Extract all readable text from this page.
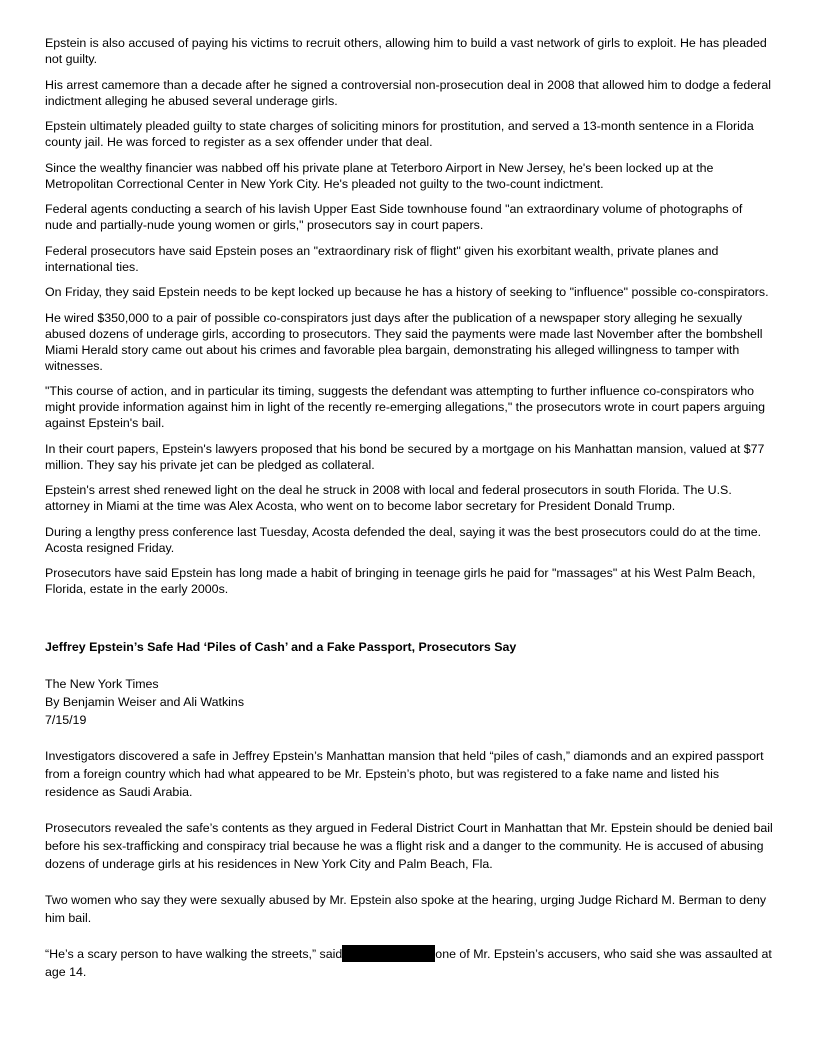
Epstein is also accused of paying his victims to recruit others, allowing him to build a vast network of girls to exploit. He has pleaded not guilty.

His arrest camemore than a decade after he signed a controversial non-prosecution deal in 2008 that allowed him to dodge a federal indictment alleging he abused several underage girls.

Epstein ultimately pleaded guilty to state charges of soliciting minors for prostitution, and served a 13-month sentence in a Florida county jail. He was forced to register as a sex offender under that deal.

Since the wealthy financier was nabbed off his private plane at Teterboro Airport in New Jersey, he's been locked up at the Metropolitan Correctional Center in New York City. He's pleaded not guilty to the two-count indictment.

Federal agents conducting a search of his lavish Upper East Side townhouse found "an extraordinary volume of photographs of nude and partially-nude young women or girls," prosecutors say in court papers.

Federal prosecutors have said Epstein poses an "extraordinary risk of flight" given his exorbitant wealth, private planes and international ties.

On Friday, they said Epstein needs to be kept locked up because he has a history of seeking to "influence" possible co-conspirators.

He wired $350,000 to a pair of possible co-conspirators just days after the publication of a newspaper story alleging he sexually abused dozens of underage girls, according to prosecutors. They said the payments were made last November after the bombshell Miami Herald story came out about his crimes and favorable plea bargain, demonstrating his alleged willingness to tamper with witnesses.

"This course of action, and in particular its timing, suggests the defendant was attempting to further influence co-conspirators who might provide information against him in light of the recently re-emerging allegations," the prosecutors wrote in court papers arguing against Epstein's bail.

In their court papers, Epstein's lawyers proposed that his bond be secured by a mortgage on his Manhattan mansion, valued at $77 million. They say his private jet can be pledged as collateral.

Epstein's arrest shed renewed light on the deal he struck in 2008 with local and federal prosecutors in south Florida. The U.S. attorney in Miami at the time was Alex Acosta, who went on to become labor secretary for President Donald Trump.

During a lengthy press conference last Tuesday, Acosta defended the deal, saying it was the best prosecutors could do at the time. Acosta resigned Friday.

Prosecutors have said Epstein has long made a habit of bringing in teenage girls he paid for "massages" at his West Palm Beach, Florida, estate in the early 2000s.

Jeffrey Epstein’s Safe Had ‘Piles of Cash’ and a Fake Passport, Prosecutors Say

The New York Times

By Benjamin Weiser and Ali Watkins

7/15/19

Investigators discovered a safe in Jeffrey Epstein’s Manhattan mansion that held “piles of cash,” diamonds and an expired passport from a foreign country which had what appeared to be Mr. Epstein’s photo, but was registered to a fake name and listed his residence as Saudi Arabia.

Prosecutors revealed the safe’s contents as they argued in Federal District Court in Manhattan that Mr. Epstein should be denied bail before his sex-trafficking and conspiracy trial because he was a flight risk and a danger to the community. He is accused of abusing dozens of underage girls at his residences in New York City and Palm Beach, Fla.

Two women who say they were sexually abused by Mr. Epstein also spoke at the hearing, urging Judge Richard M. Berman to deny him bail.

“He’s a scary person to have walking the streets,” said	one of Mr. Epstein’s accusers, who said she was assaulted at age 14.
